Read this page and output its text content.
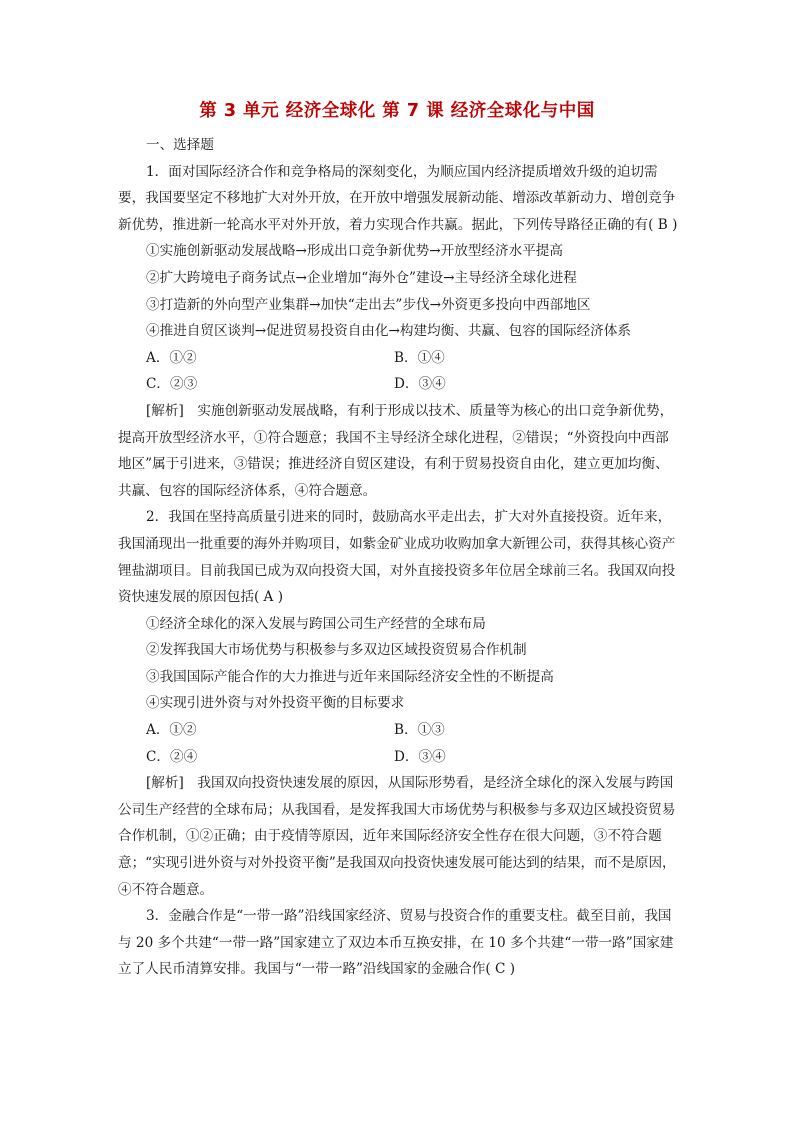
第 3 单元 经济全球化 第 7 课 经济全球化与中国

一、选择题

1．面对国际经济合作和竞争格局的深刻变化，为顺应国内经济提质增效升级的迫切需要，我国要坚定不移地扩大对外开放，在开放中增强发展新动能、增添改革新动力、增创竞争新优势，推进新一轮高水平对外开放，着力实现合作共赢。据此，下列传导路径正确的有( B )

①实施创新驱动发展战略→形成出口竞争新优势→开放型经济水平提高

②扩大跨境电子商务试点→企业增加“海外仓”建设→主导经济全球化进程

③打造新的外向型产业集群→加快“走出去”步伐→外资更多投向中西部地区

④推进自贸区谈判→促进贸易投资自由化→构建均衡、共赢、包容的国际经济体系

A．①②	B．①④
C．②③	D．③④

[解析]　实施创新驱动发展战略，有利于形成以技术、质量等为核心的出口竞争新优势，提高开放型经济水平，①符合题意；我国不主导经济全球化进程，②错误；“外资投向中西部地区”属于引进来，③错误；推进经济自贸区建设，有利于贸易投资自由化，建立更加均衡、共赢、包容的国际经济体系，④符合题意。

2．我国在坚持高质量引进来的同时，鼓励高水平走出去，扩大对外直接投资。近年来，我国涌现出一批重要的海外并购项目，如紫金矿业成功收购加拿大新锂公司，获得其核心资产锂盐湖项目。目前我国已成为双向投资大国，对外直接投资多年位居全球前三名。我国双向投资快速发展的原因包括( A )

①经济全球化的深入发展与跨国公司生产经营的全球布局

②发挥我国大市场优势与积极参与多双边区域投资贸易合作机制

③我国国际产能合作的大力推进与近年来国际经济安全性的不断提高

④实现引进外资与对外投资平衡的目标要求

A．①②	B．①③
C．②④	D．③④

[解析]　我国双向投资快速发展的原因，从国际形势看，是经济全球化的深入发展与跨国公司生产经营的全球布局；从我国看，是发挥我国大市场优势与积极参与多双边区域投资贸易合作机制，①②正确；由于疫情等原因，近年来国际经济安全性存在很大问题，③不符合题意；“实现引进外资与对外投资平衡”是我国双向投资快速发展可能达到的结果，而不是原因，④不符合题意。

3．金融合作是“一带一路”沿线国家经济、贸易与投资合作的重要支柱。截至目前，我国与 20 多个共建“一带一路”国家建立了双边本币互换安排，在 10 多个共建“一带一路”国家建立了人民币清算安排。我国与“一带一路”沿线国家的金融合作( C )
